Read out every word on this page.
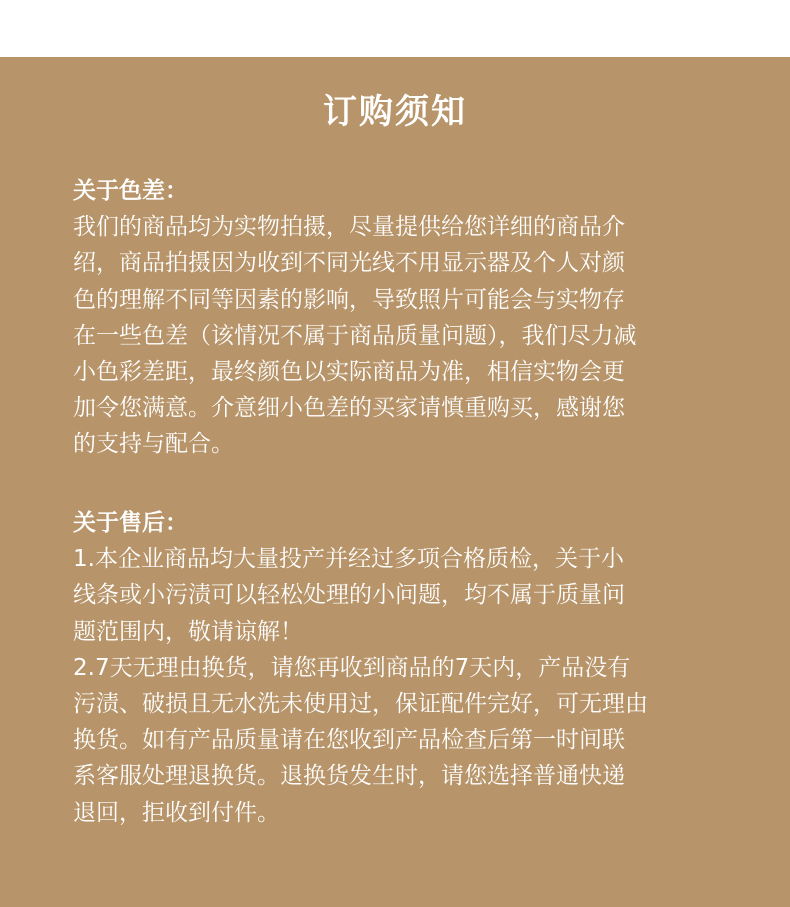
订购须知
关于色差：
我们的商品均为实物拍摄，尽量提供给您详细的商品介
绍，商品拍摄因为收到不同光线不用显示器及个人对颜
色的理解不同等因素的影响，导致照片可能会与实物存
在一些色差（该情况不属于商品质量问题），我们尽力减
小色彩差距，最终颜色以实际商品为准，相信实物会更
加令您满意。介意细小色差的买家请慎重购买，感谢您
的支持与配合。
关于售后：
1.本企业商品均大量投产并经过多项合格质检，关于小
线条或小污渍可以轻松处理的小问题，均不属于质量问
题范围内，敬请谅解！
2.7天无理由换货，请您再收到商品的7天内，产品没有
污渍、破损且无水洗未使用过，保证配件完好，可无理由
换货。如有产品质量请在您收到产品检查后第一时间联
系客服处理退换货。退换货发生时，请您选择普通快递
退回，拒收到付件。
